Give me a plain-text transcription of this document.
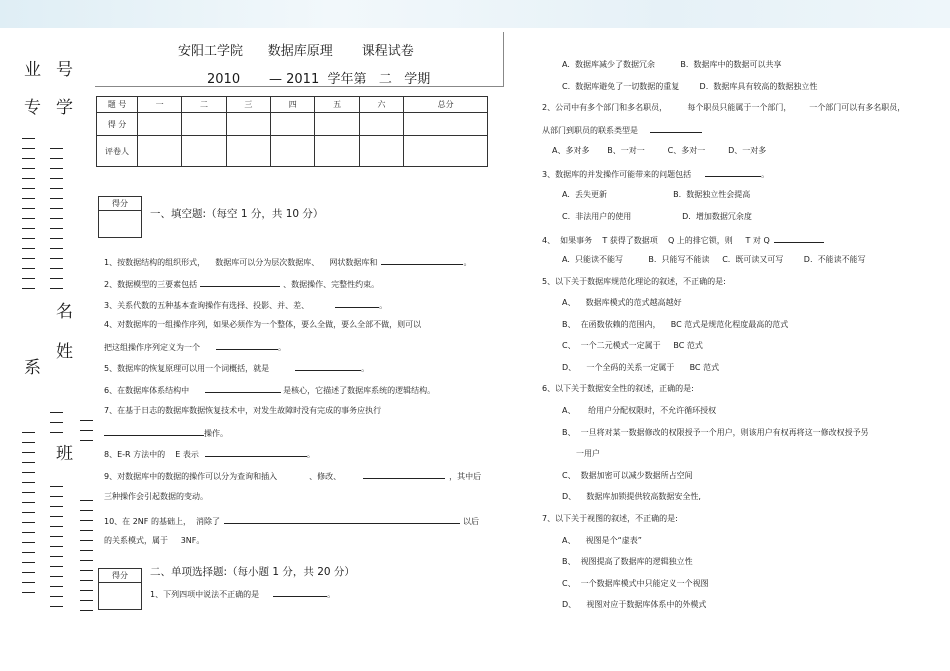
安阳工学院      数据库原理       课程试卷
2010       — 2011  学年第   二   学期
业
专
号
学
名
姓
系
班
题 号	一	二	三	四	五	六	总分
得 分							
评卷人							
得分
一、填空题:（每空 1 分，共 10 分）
1、按数据结构的组织形式，    数据库可以分为层次数据库、    网状数据库和	。
2、数据模型的三要素包括	、数据操作、完整性约束。
3、关系代数的五种基本查询操作有选择、投影、并、差、	。
4、对数据库的一组操作序列，如果必须作为一个整体，要么全做，要么全部不做，则可以
把这组操作序列定义为一个	。
5、数据库的恢复原理可以用一个词概括，就是	。
6、在数据库体系结构中	是核心，它描述了数据库系统的逻辑结构。
7、在基于日志的数据库数据恢复技术中，对发生故障时没有完成的事务应执行
操作。
8、E-R 方法中的    E 表示	。
9、对数据库中的数据的操作可以分为查询和插入	、修改、	，其中后
三种操作会引起数据的变动。
10、在 2NF 的基础上，  消除了	以后
的关系模式，属于     3NF。
得分	二、单项选择题:（每小题 1 分，共 20 分）
1、下列四项中说法不正确的是	。
A.  数据库减少了数据冗余          B.  数据库中的数据可以共享
C.  数据库避免了一切数据的重复        D.  数据库具有较高的数据独立性
2、公司中有多个部门和多名职员，        每个职员只能属于一个部门，       一个部门可以有多名职员，
从部门到职员的联系类型是
A、多对多       B、一对一         C、多对一         D、一对多
3、数据库的并发操作可能带来的问题包括	。
A.  丢失更新                          B.  数据独立性会提高
C.  非法用户的使用                    D.  增加数据冗余度
4、  如果事务    T 获得了数据项    Q 上的排它锁，则     T 对 Q
A.  只能读不能写          B.  只能写不能读     C.  既可读又可写        D.  不能读不能写
5、以下关于数据库规范化理论的叙述，不正确的是:
A、    数据库模式的范式越高越好
B、  在函数依赖的范围内，    BC 范式是规范化程度最高的范式
C、  一个二元模式一定属于     BC 范式
D、    一个全码的关系一定属于      BC 范式
6、以下关于数据安全性的叙述，正确的是:
A、     给用户分配权限时，不允许循环授权
B、  一旦将对某一数据修改的权限授予一个用户，则该用户有权再将这一修改权授予另
一用户
C、  数据加密可以减少数据所占空间
D、    数据库加锁提供较高数据安全性,
7、以下关于视图的叙述，不正确的是:
A、    视图是个“虚表”
B、  视图提高了数据库的逻辑独立性
C、  一个数据库模式中只能定义一个视图
D、    视图对应于数据库体系中的外模式
